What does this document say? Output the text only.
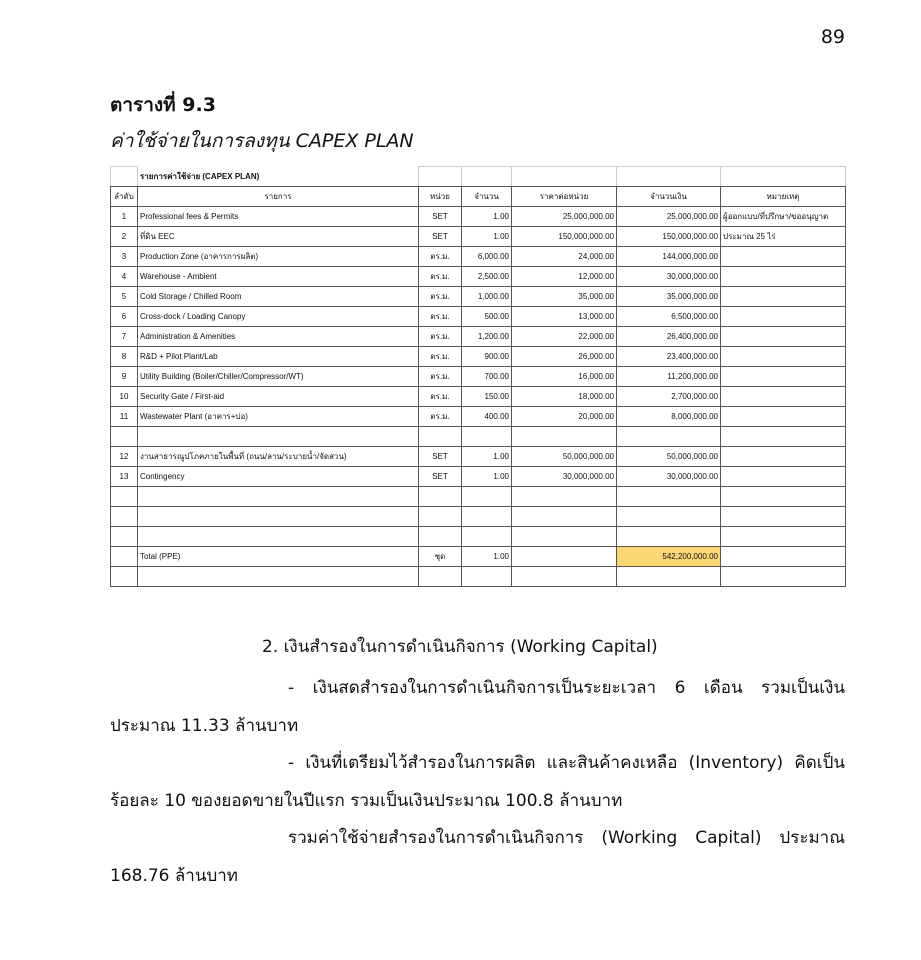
89
ตารางที่ 9.3
ค่าใช้จ่ายในการลงทุน CAPEX PLAN
	รายการค่าใช้จ่าย (CAPEX PLAN)					
ลำดับ	รายการ	หน่วย	จำนวน	ราคาต่อหน่วย	จำนวนเงิน	หมายเหตุ
1	Professional fees & Permits	SET	1.00	25,000,000.00	25,000,000.00	ผู้ออกแบบ/ที่ปรึกษา/ขออนุญาต
2	ที่ดิน EEC	SET	1.00	150,000,000.00	150,000,000.00	ประมาณ 25 ไร่
3	Production Zone (อาคารการผลิต)	ตร.ม.	6,000.00	24,000.00	144,000,000.00	
4	Warehouse - Ambient	ตร.ม.	2,500.00	12,000.00	30,000,000.00	
5	Cold Storage / Chilled Room	ตร.ม.	1,000.00	35,000.00	35,000,000.00	
6	Cross-dock / Loading Canopy	ตร.ม.	500.00	13,000.00	6,500,000.00	
7	Administration & Amenities	ตร.ม.	1,200.00	22,000.00	26,400,000.00	
8	R&D + Pilot Plant/Lab	ตร.ม.	900.00	26,000.00	23,400,000.00	
9	Utility Building (Boiler/Chiller/Compressor/WT)	ตร.ม.	700.00	16,000.00	11,200,000.00	
10	Security Gate / First-aid	ตร.ม.	150.00	18,000.00	2,700,000.00	
11	Wastewater Plant (อาคาร+บ่อ)	ตร.ม.	400.00	20,000.00	8,000,000.00	

12	งานสาธารณูปโภคภายในพื้นที่ (ถนน/ลาน/ระบายน้ำ/จัดสวน)	SET	1.00	50,000,000.00	50,000,000.00	
13	Contingency	SET	1.00	30,000,000.00	30,000,000.00	

	Total (PPE)	ชุด	1.00		542,200,000.00	

2. เงินสำรองในการดำเนินกิจการ (Working Capital)
- เงินสดสำรองในการดำเนินกิจการเป็นระยะเวลา 6 เดือน รวมเป็นเงิน
ประมาณ 11.33 ล้านบาท
- เงินที่เตรียมไว้สำรองในการผลิต และสินค้าคงเหลือ (Inventory) คิดเป็น
ร้อยละ 10 ของยอดขายในปีแรก รวมเป็นเงินประมาณ 100.8 ล้านบาท
รวมค่าใช้จ่ายสำรองในการดำเนินกิจการ (Working Capital) ประมาณ
168.76 ล้านบาท
